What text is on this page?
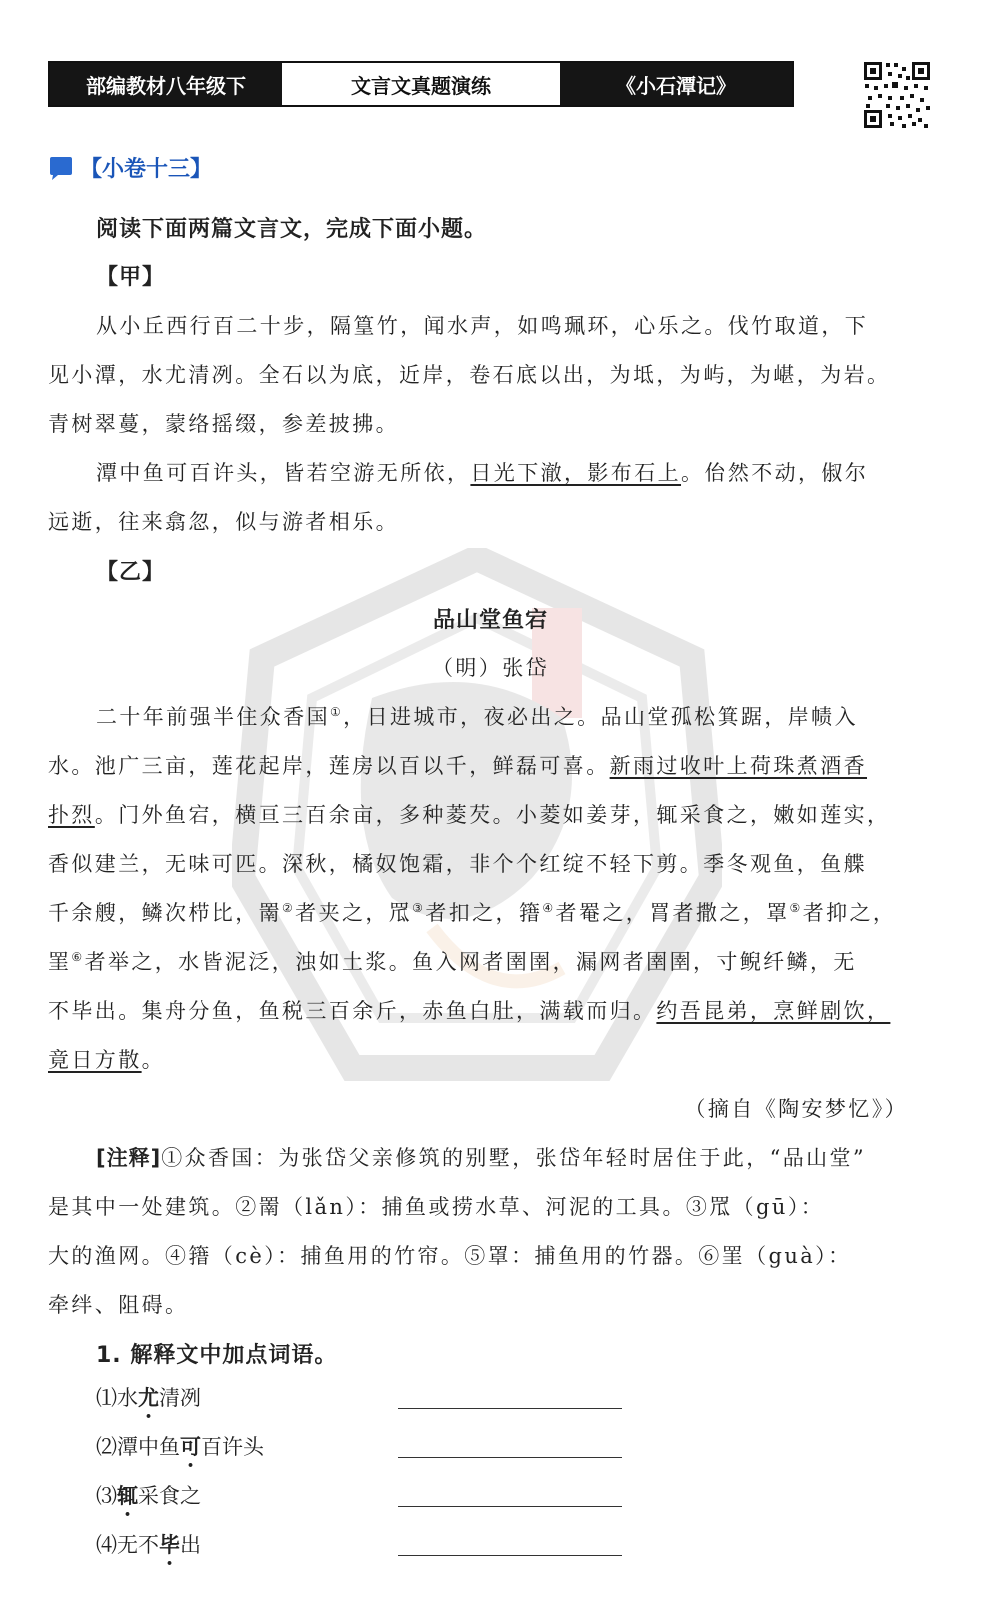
部编教材八年级下	文言文真题演练	《小石潭记》
【小卷十三】
阅读下面两篇文言文，完成下面小题。
【甲】
从小丘西行百二十步，隔篁竹，闻水声，如鸣珮环，心乐之。伐竹取道，下
见小潭，水尤清冽。全石以为底，近岸，卷石底以出，为坻，为屿，为嵁，为岩。
青树翠蔓，蒙络摇缀，参差披拂。
潭中鱼可百许头，皆若空游无所依，日光下澈，影布石上。佁然不动，俶尔
远逝，往来翕忽，似与游者相乐。
【乙】
品山堂鱼宕
（明）张岱
二十年前强半住众香国①，日进城市，夜必出之。品山堂孤松箕踞，岸帻入
水。池广三亩，莲花起岸，莲房以百以千，鲜磊可喜。新雨过收叶上荷珠煮酒香
扑烈。门外鱼宕，横亘三百余亩，多种菱芡。小菱如姜芽，辄采食之，嫩如莲实，
香似建兰，无味可匹。深秋，橘奴饱霜，非个个红绽不轻下剪。季冬观鱼，鱼艓
千余艘，鳞次栉比，罱②者夹之，罛③者扣之，簎④者罨之，罥者撒之，罩⑤者抑之，
罣⑥者举之，水皆泥泛，浊如土浆。鱼入网者圉圉，漏网者圉圉，寸鲵纤鳞，无
不毕出。集舟分鱼，鱼税三百余斤，赤鱼白肚，满载而归。约吾昆弟，烹鲜剧饮，
竟日方散。
（摘自《陶安梦忆》）
[注释]①众香国：为张岱父亲修筑的别墅，张岱年轻时居住于此，“品山堂”
是其中一处建筑。②罱（lǎn）：捕鱼或捞水草、河泥的工具。③罛（gū）：
大的渔网。④簎（cè）：捕鱼用的竹帘。⑤罩：捕鱼用的竹器。⑥罣（guà）：
牵绊、阻碍。
1. 解释文中加点词语。
⑴水尤清冽
⑵潭中鱼可百许头
⑶辄采食之
⑷无不毕出
